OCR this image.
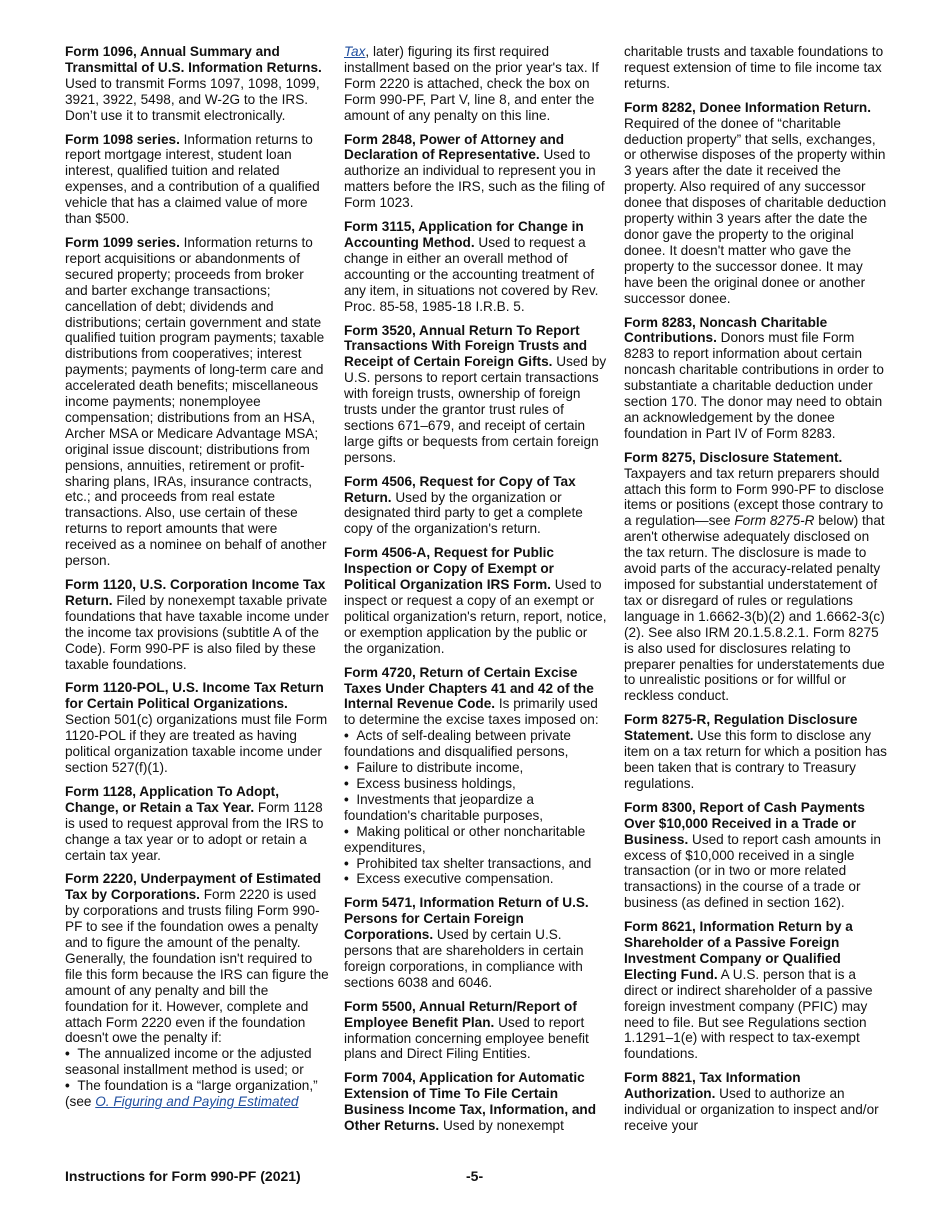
Form 1096, Annual Summary and Transmittal of U.S. Information Returns. Used to transmit Forms 1097, 1098, 1099, 3921, 3922, 5498, and W-2G to the IRS. Don’t use it to transmit electronically.

Form 1098 series. Information returns to report mortgage interest, student loan interest, qualified tuition and related expenses, and a contribution of a qualified vehicle that has a claimed value of more than $500.

Form 1099 series. Information returns to report acquisitions or abandonments of secured property; proceeds from broker and barter exchange transactions; cancellation of debt; dividends and distributions; certain government and state qualified tuition program payments; taxable distributions from cooperatives; interest payments; payments of long-term care and accelerated death benefits; miscellaneous income payments; nonemployee compensation; distributions from an HSA, Archer MSA or Medicare Advantage MSA; original issue discount; distributions from pensions, annuities, retirement or profit-sharing plans, IRAs, insurance contracts, etc.; and proceeds from real estate transactions. Also, use certain of these returns to report amounts that were received as a nominee on behalf of another person.

Form 1120, U.S. Corporation Income Tax Return. Filed by nonexempt taxable private foundations that have taxable income under the income tax provisions (subtitle A of the Code). Form 990-PF is also filed by these taxable foundations.

Form 1120-POL, U.S. Income Tax Return for Certain Political Organizations. Section 501(c) organizations must file Form 1120-POL if they are treated as having political organization taxable income under section 527(f)(1).

Form 1128, Application To Adopt, Change, or Retain a Tax Year. Form 1128 is used to request approval from the IRS to change a tax year or to adopt or retain a certain tax year.

Form 2220, Underpayment of Estimated Tax by Corporations. Form 2220 is used by corporations and trusts filing Form 990-PF to see if the foundation owes a penalty and to figure the amount of the penalty. Generally, the foundation isn't required to file this form because the IRS can figure the amount of any penalty and bill the foundation for it. However, complete and attach Form 2220 even if the foundation doesn't owe the penalty if:
•  The annualized income or the adjusted seasonal installment method is used; or
•  The foundation is a “large organization,” (see O. Figuring and Paying Estimated

Tax, later) figuring its first required installment based on the prior year's tax. If Form 2220 is attached, check the box on Form 990-PF, Part V, line 8, and enter the amount of any penalty on this line.

Form 2848, Power of Attorney and Declaration of Representative. Used to authorize an individual to represent you in matters before the IRS, such as the filing of Form 1023.

Form 3115, Application for Change in Accounting Method. Used to request a change in either an overall method of accounting or the accounting treatment of any item, in situations not covered by Rev. Proc. 85-58, 1985-18 I.R.B. 5.

Form 3520, Annual Return To Report Transactions With Foreign Trusts and Receipt of Certain Foreign Gifts. Used by U.S. persons to report certain transactions with foreign trusts, ownership of foreign trusts under the grantor trust rules of sections 671–679, and receipt of certain large gifts or bequests from certain foreign persons.

Form 4506, Request for Copy of Tax Return. Used by the organization or designated third party to get a complete copy of the organization's return.

Form 4506-A, Request for Public Inspection or Copy of Exempt or Political Organization IRS Form. Used to inspect or request a copy of an exempt or political organization's return, report, notice, or exemption application by the public or the organization.

Form 4720, Return of Certain Excise Taxes Under Chapters 41 and 42 of the Internal Revenue Code. Is primarily used to determine the excise taxes imposed on:
•  Acts of self-dealing between private foundations and disqualified persons,
•  Failure to distribute income,
•  Excess business holdings,
•  Investments that jeopardize a foundation's charitable purposes,
•  Making political or other noncharitable expenditures,
•  Prohibited tax shelter transactions, and
•  Excess executive compensation.

Form 5471, Information Return of U.S. Persons for Certain Foreign Corporations. Used by certain U.S. persons that are shareholders in certain foreign corporations, in compliance with sections 6038 and 6046.

Form 5500, Annual Return/Report of Employee Benefit Plan. Used to report information concerning employee benefit plans and Direct Filing Entities.

Form 7004, Application for Automatic Extension of Time To File Certain Business Income Tax, Information, and Other Returns. Used by nonexempt

charitable trusts and taxable foundations to request extension of time to file income tax returns.

Form 8282, Donee Information Return. Required of the donee of “charitable deduction property” that sells, exchanges, or otherwise disposes of the property within 3 years after the date it received the property. Also required of any successor donee that disposes of charitable deduction property within 3 years after the date the donor gave the property to the original donee. It doesn't matter who gave the property to the successor donee. It may have been the original donee or another successor donee.

Form 8283, Noncash Charitable Contributions. Donors must file Form 8283 to report information about certain noncash charitable contributions in order to substantiate a charitable deduction under section 170. The donor may need to obtain an acknowledgement by the donee foundation in Part IV of Form 8283.

Form 8275, Disclosure Statement. Taxpayers and tax return preparers should attach this form to Form 990-PF to disclose items or positions (except those contrary to a regulation—see Form 8275-R below) that aren't otherwise adequately disclosed on the tax return. The disclosure is made to avoid parts of the accuracy-related penalty imposed for substantial understatement of tax or disregard of rules or regulations language in 1.6662-3(b)(2) and 1.6662-3(c)(2). See also IRM 20.1.5.8.2.1. Form 8275 is also used for disclosures relating to preparer penalties for understatements due to unrealistic positions or for willful or reckless conduct.

Form 8275-R, Regulation Disclosure Statement. Use this form to disclose any item on a tax return for which a position has been taken that is contrary to Treasury regulations.

Form 8300, Report of Cash Payments Over $10,000 Received in a Trade or Business. Used to report cash amounts in excess of $10,000 received in a single transaction (or in two or more related transactions) in the course of a trade or business (as defined in section 162).

Form 8621, Information Return by a Shareholder of a Passive Foreign Investment Company or Qualified Electing Fund. A U.S. person that is a direct or indirect shareholder of a passive foreign investment company (PFIC) may need to file. But see Regulations section 1.1291–1(e) with respect to tax-exempt foundations.

Form 8821, Tax Information Authorization. Used to authorize an individual or organization to inspect and/or receive your

Instructions for Form 990-PF (2021)	-5-
